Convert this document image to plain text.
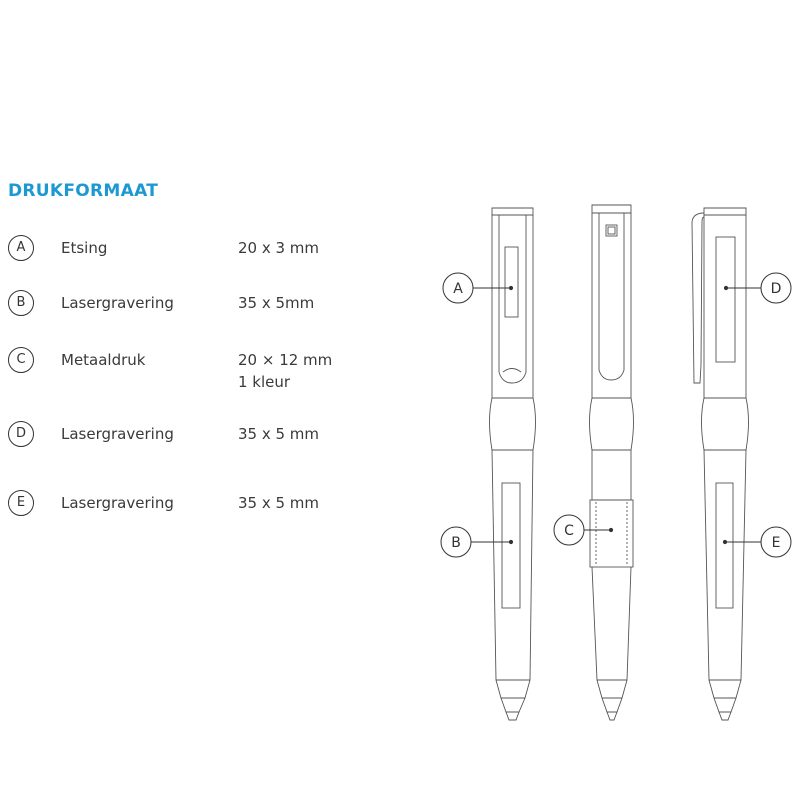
DRUKFORMAAT
A	Etsing	20 x 3 mm
B	Lasergravering	35 x 5mm
C	Metaaldruk	20 × 12 mm
1 kleur
D	Lasergravering	35 x 5 mm
E	Lasergravering	35 x 5 mm
A
B
C
D
E
